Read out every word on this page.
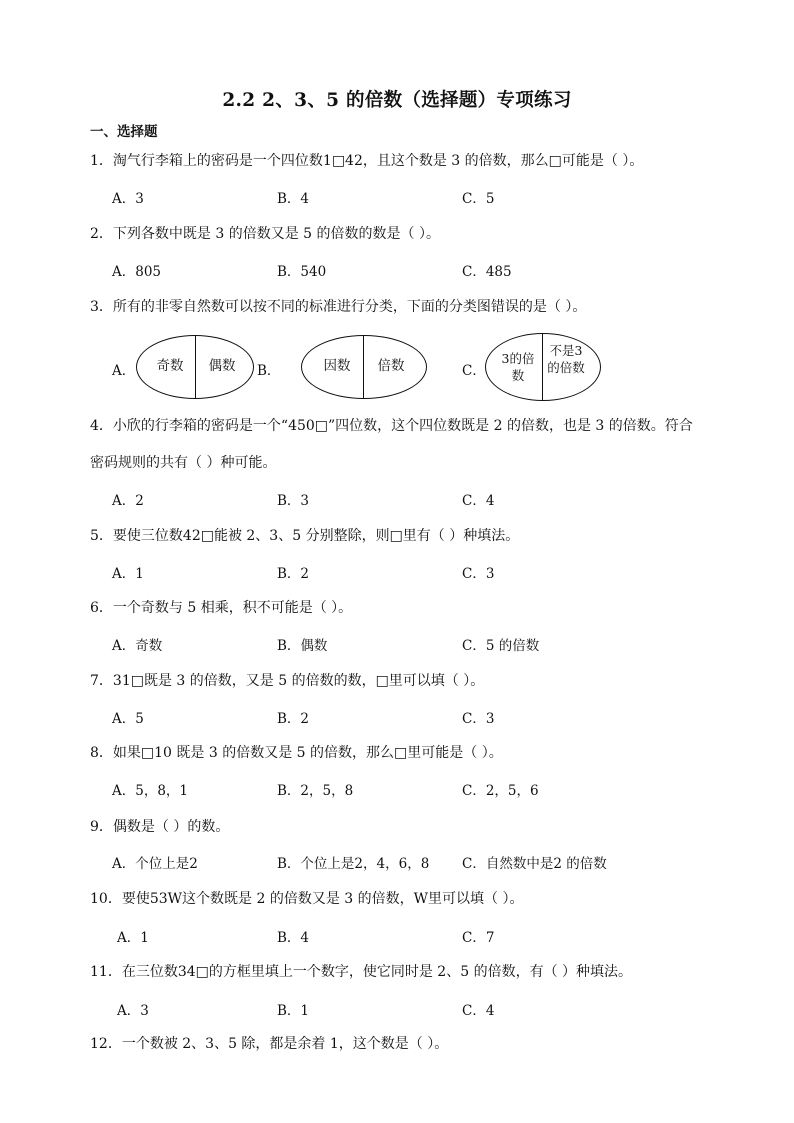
2.2 2、3、5 的倍数（选择题）专项练习
一、选择题
1．淘气行李箱上的密码是一个四位数1□42，且这个数是 3 的倍数，那么□可能是（ ）。
A．3	B．4	C．5
2．下列各数中既是 3 的倍数又是 5 的倍数的数是（ ）。
A．805	B．540	C．485
3．所有的非零自然数可以按不同的标准进行分类，下面的分类图错误的是（ ）。
A．	奇数	偶数	B．	因数	倍数	C．
3的倍数
不是3的倍数
4．小欣的行李箱的密码是一个“450□”四位数，这个四位数既是 2 的倍数，也是 3 的倍数。符合
密码规则的共有（ ）种可能。
A．2	B．3	C．4
5．要使三位数42□能被 2、3、5 分别整除，则□里有（ ）种填法。
A．1	B．2	C．3
6．一个奇数与 5 相乘，积不可能是（ ）。
A．奇数	B．偶数	C．5 的倍数
7．31□既是 3 的倍数，又是 5 的倍数的数，□里可以填（ ）。
A．5	B．2	C．3
8．如果□10 既是 3 的倍数又是 5 的倍数，那么□里可能是（ ）。
A．5，8，1	B．2，5，8	C．2，5，6
9．偶数是（ ）的数。
A．个位上是2	B．个位上是2，4，6，8 C．自然数中是2 的倍数
10．要使53W这个数既是 2 的倍数又是 3 的倍数，W里可以填（ ）。
A．1	B．4	C．7
11．在三位数34□的方框里填上一个数字，使它同时是 2、5 的倍数，有（ ）种填法。
A．3	B．1	C．4
12．一个数被 2、3、5 除，都是余着 1，这个数是（ ）。
